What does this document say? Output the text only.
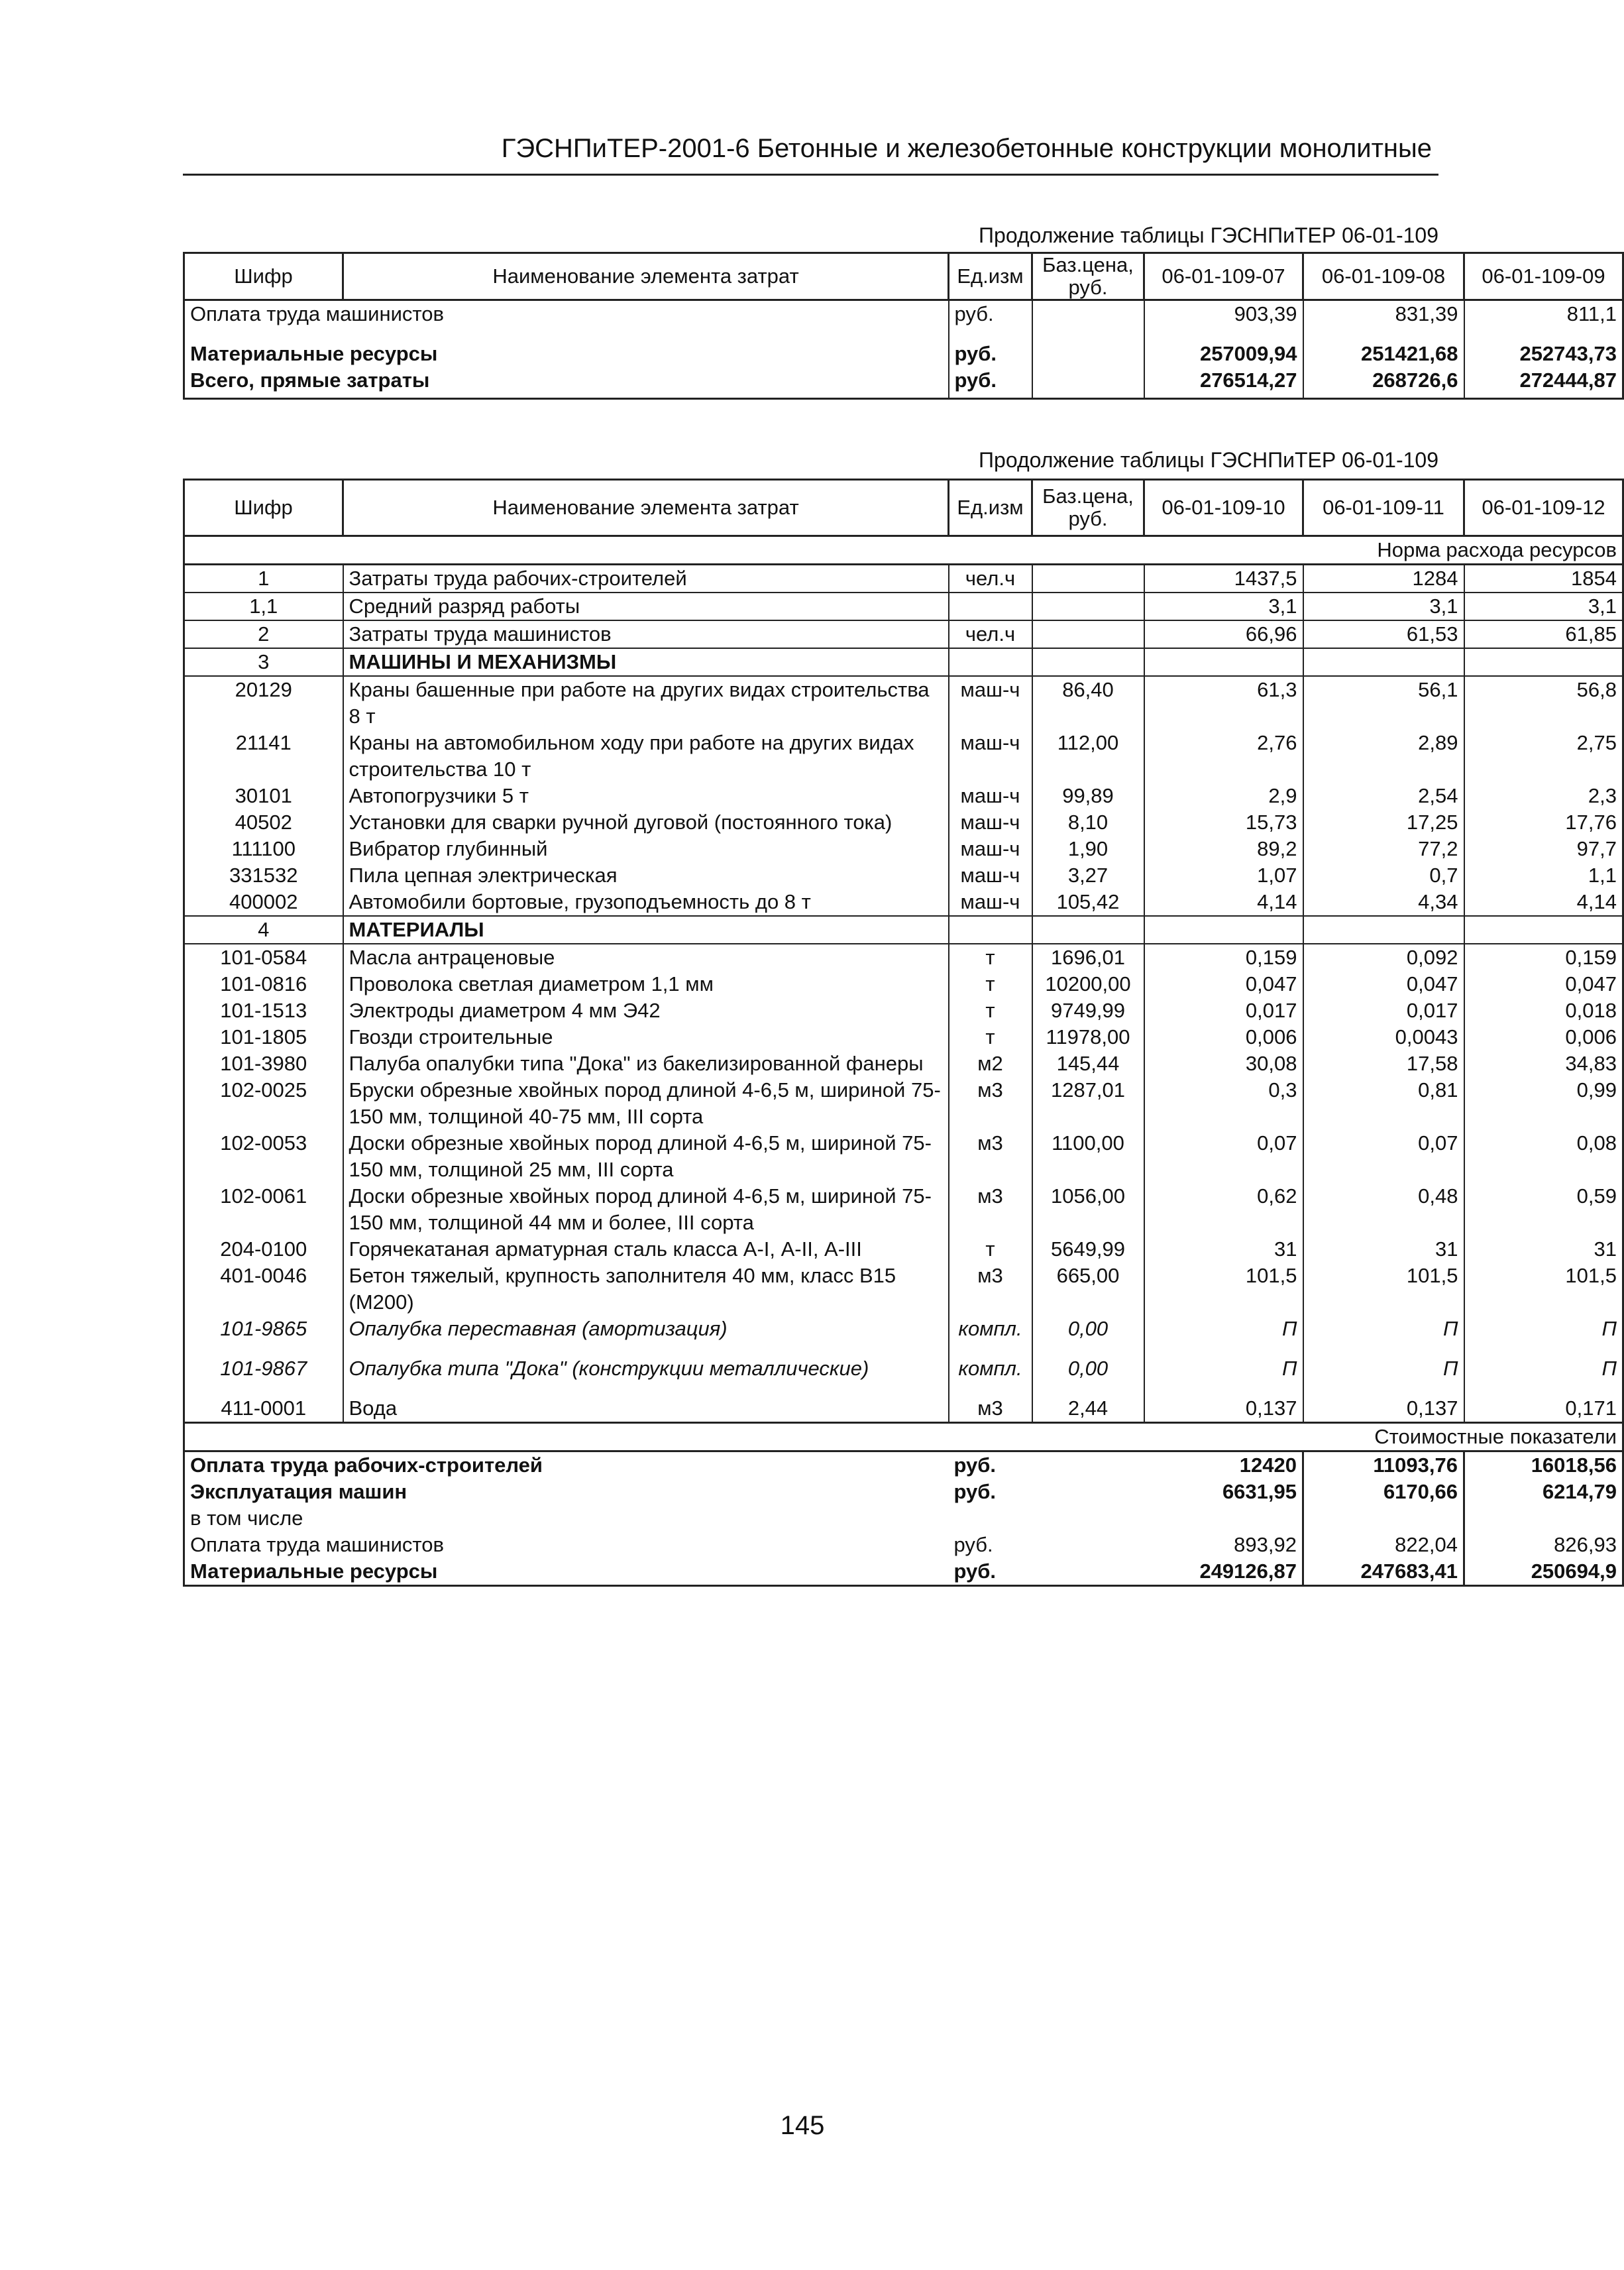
ГЭСНПиТЕР-2001-6 Бетонные и железобетонные конструкции монолитные
Продолжение таблицы ГЭСНПиТЕР 06-01-109
Шифр	Наименование элемента затрат	Ед.изм	Баз.цена, руб.	06-01-109-07	06-01-109-08	06-01-109-09
Оплата труда машинистов		руб.		903,39	831,39	811,1
Материальные ресурсы		руб.		257009,94	251421,68	252743,73
Всего, прямые затраты		руб.		276514,27	268726,6	272444,87
Продолжение таблицы ГЭСНПиТЕР 06-01-109
Шифр	Наименование элемента затрат	Ед.изм	Баз.цена, руб.	06-01-109-10	06-01-109-11	06-01-109-12
Норма расхода ресурсов						
1	Затраты труда рабочих-строителей	чел.ч		1437,5	1284	1854
1,1	Средний разряд работы			3,1	3,1	3,1
2	Затраты труда машинистов	чел.ч		66,96	61,53	61,85
3	МАШИНЫ И МЕХАНИЗМЫ					
20129	Краны башенные при работе на других видах строительства 8 т	маш-ч	86,40	61,3	56,1	56,8
21141	Краны на автомобильном ходу при работе на других видах строительства 10 т	маш-ч	112,00	2,76	2,89	2,75
30101	Автопогрузчики 5 т	маш-ч	99,89	2,9	2,54	2,3
40502	Установки для сварки ручной дуговой (постоянного тока)	маш-ч	8,10	15,73	17,25	17,76
111100	Вибратор глубинный	маш-ч	1,90	89,2	77,2	97,7
331532	Пила цепная электрическая	маш-ч	3,27	1,07	0,7	1,1
400002	Автомобили бортовые, грузоподъемность до 8 т	маш-ч	105,42	4,14	4,34	4,14
4	МАТЕРИАЛЫ					
101-0584	Масла антраценовые	т	1696,01	0,159	0,092	0,159
101-0816	Проволока светлая диаметром 1,1 мм	т	10200,00	0,047	0,047	0,047
101-1513	Электроды диаметром 4 мм Э42	т	9749,99	0,017	0,017	0,018
101-1805	Гвозди строительные	т	11978,00	0,006	0,0043	0,006
101-3980	Палуба опалубки типа "Дока" из бакелизированной фанеры	м2	145,44	30,08	17,58	34,83
102-0025	Бруски обрезные хвойных пород длиной 4-6,5 м, шириной 75-150 мм, толщиной 40-75 мм, III сорта	м3	1287,01	0,3	0,81	0,99
102-0053	Доски обрезные хвойных пород длиной 4-6,5 м, шириной 75-150 мм, толщиной 25 мм, III сорта	м3	1100,00	0,07	0,07	0,08
102-0061	Доски обрезные хвойных пород длиной 4-6,5 м, шириной 75-150 мм, толщиной 44 мм и более, III сорта	м3	1056,00	0,62	0,48	0,59
204-0100	Горячекатаная арматурная сталь класса А-I, А-II, А-III	т	5649,99	31	31	31
401-0046	Бетон тяжелый, крупность заполнителя 40 мм, класс В15 (М200)	м3	665,00	101,5	101,5	101,5
101-9865	Опалубка переставная (амортизация)	компл.	0,00	П	П	П
101-9867	Опалубка типа "Дока" (конструкции металлические)	компл.	0,00	П	П	П
411-0001	Вода	м3	2,44	0,137	0,137	0,171
Стоимостные показатели						
Оплата труда рабочих-строителей		руб.		12420	11093,76	16018,56
Эксплуатация машин		руб.		6631,95	6170,66	6214,79
в том числе						
Оплата труда машинистов		руб.		893,92	822,04	826,93
Материальные ресурсы		руб.		249126,87	247683,41	250694,9
145
